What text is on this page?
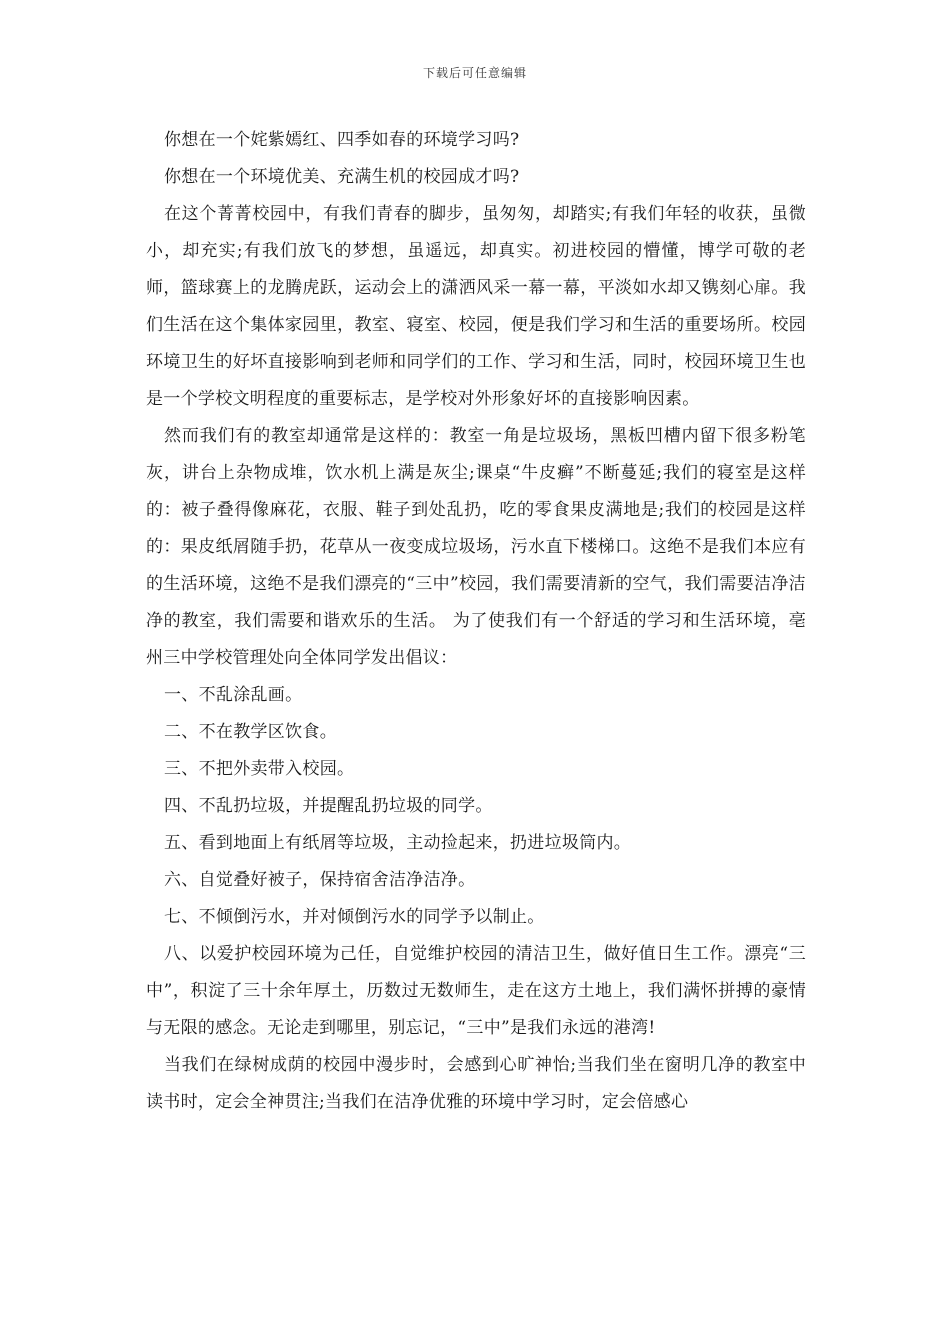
下载后可任意编辑

你想在一个姹紫嫣红、四季如春的环境学习吗?

你想在一个环境优美、充满生机的校园成才吗?

在这个菁菁校园中，有我们青春的脚步，虽匆匆，却踏实;有我们年轻的收获，虽微小，却充实;有我们放飞的梦想，虽遥远，却真实。初进校园的懵懂，博学可敬的老师，篮球赛上的龙腾虎跃，运动会上的潇洒风采一幕一幕，平淡如水却又镌刻心扉。我们生活在这个集体家园里，教室、寝室、校园，便是我们学习和生活的重要场所。校园环境卫生的好坏直接影响到老师和同学们的工作、学习和生活，同时，校园环境卫生也是一个学校文明程度的重要标志，是学校对外形象好坏的直接影响因素。

然而我们有的教室却通常是这样的：教室一角是垃圾场，黑板凹槽内留下很多粉笔灰，讲台上杂物成堆，饮水机上满是灰尘;课桌“牛皮癣”不断蔓延;我们的寝室是这样的：被子叠得像麻花，衣服、鞋子到处乱扔，吃的零食果皮满地是;我们的校园是这样的：果皮纸屑随手扔，花草从一夜变成垃圾场，污水直下楼梯口。这绝不是我们本应有的生活环境，这绝不是我们漂亮的“三中”校园，我们需要清新的空气，我们需要洁净洁净的教室，我们需要和谐欢乐的生活。 为了使我们有一个舒适的学习和生活环境，亳州三中学校管理处向全体同学发出倡议：

一、不乱涂乱画。

二、不在教学区饮食。

三、不把外卖带入校园。

四、不乱扔垃圾，并提醒乱扔垃圾的同学。

五、看到地面上有纸屑等垃圾，主动捡起来，扔进垃圾筒内。

六、自觉叠好被子，保持宿舍洁净洁净。

七、不倾倒污水，并对倾倒污水的同学予以制止。

八、以爱护校园环境为己任，自觉维护校园的清洁卫生，做好值日生工作。漂亮“三中”，积淀了三十余年厚土，历数过无数师生，走在这方土地上，我们满怀拼搏的豪情与无限的感念。无论走到哪里，别忘记，“三中”是我们永远的港湾!

当我们在绿树成荫的校园中漫步时，会感到心旷神怡;当我们坐在窗明几净的教室中读书时，定会全神贯注;当我们在洁净优雅的环境中学习时，定会倍感心
